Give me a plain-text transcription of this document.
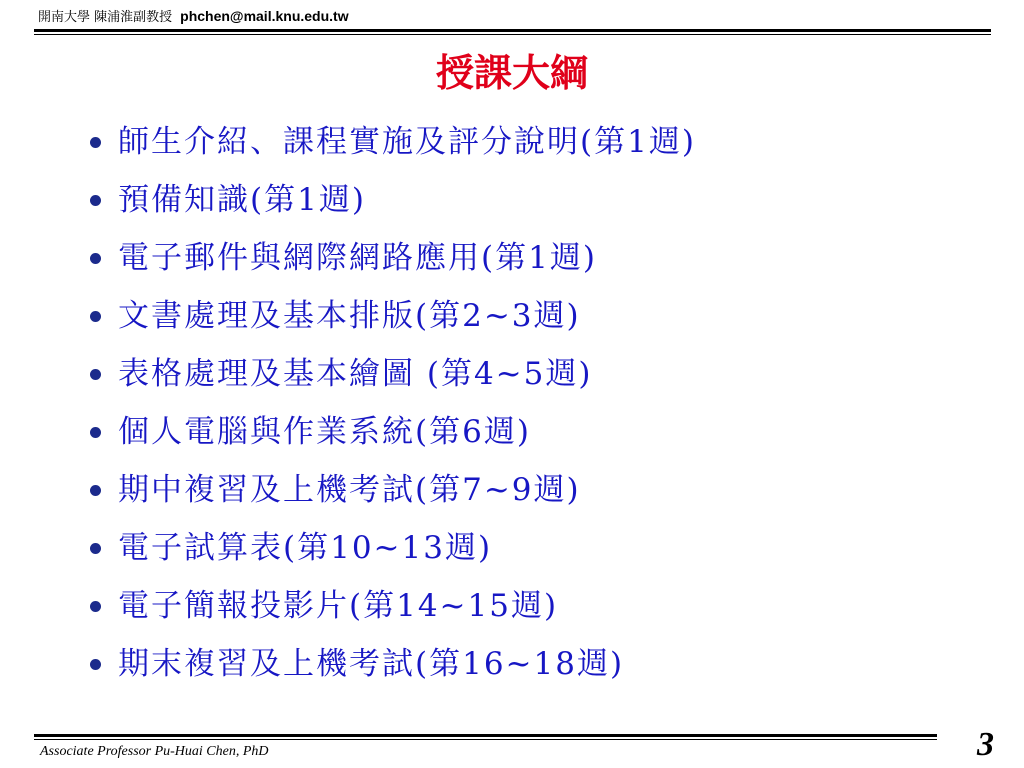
開南大學 陳浦淮副教授 phchen@mail.knu.edu.tw
授課大綱
師生介紹、課程實施及評分說明(第1週)
預備知識(第1週)
電子郵件與網際網路應用(第1週)
文書處理及基本排版(第2~3週)
表格處理及基本繪圖 (第4~5週)
個人電腦與作業系統(第6週)
期中複習及上機考試(第7~9週)
電子試算表(第10~13週)
電子簡報投影片(第14~15週)
期末複習及上機考試(第16~18週)
Associate Professor Pu-Huai Chen, PhD	3
